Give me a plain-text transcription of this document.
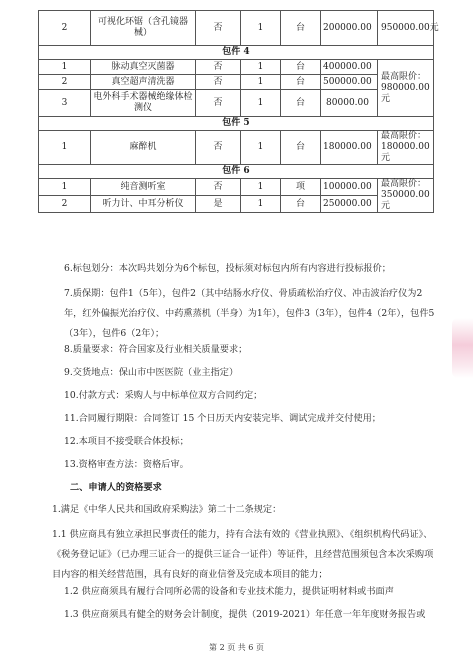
2	可视化环锯（含孔镜器械）	否	1	台	200000.00	950000.00元
包件 4						
1	脉动真空灭菌器	否	1	台	400000.00	最高限价：980000.00元
2	真空超声清洗器	否	1	台	500000.00	
3	电外科手术器械绝缘体检测仪	否	1	台	80000.00	
包件 5						
1	麻醉机	否	1	台	180000.00	最高限价：180000.00元
包件 6						
1	纯音测听室	否	1	项	100000.00	最高限价：350000.00元
2	听力计、中耳分析仪	是	1	台	250000.00	
6.标包划分：本次吗共划分为6个标包，投标须对标包内所有内容进行投标报价；
7.质保期：包件1（5年），包件2（其中结肠水疗仪、骨质疏松治疗仪、冲击波治疗仪为2年，红外偏振光治疗仪、中药熏蒸机（半身）为1年），包件3（3年），包件4（2年），包件5（3年），包件6（2年）；
8.质量要求：符合国家及行业相关质量要求；
9.交货地点：保山市中医医院（业主指定）
10.付款方式：采购人与中标单位双方合同约定；
11.合同履行期限：合同签订 15 个日历天内安装完毕、调试完成并交付使用；
12.本项目不接受联合体投标；
13.资格审查方法：资格后审。
二、申请人的资格要求
1.满足《中华人民共和国政府采购法》第二十二条规定：
1.1 供应商具有独立承担民事责任的能力，持有合法有效的《营业执照》、《组织机构代码证》、《税务登记证》（已办理三证合一的提供三证合一证件）等证件，且经营范围须包含本次采购项目内容的相关经营范围，具有良好的商业信誉及完成本项目的能力；
1.2 供应商须具有履行合同所必需的设备和专业技术能力，提供证明材料或书面声
1.3 供应商须具有健全的财务会计制度，提供（2019-2021）年任意一年年度财务报告或
第 2 页 共 6 页
